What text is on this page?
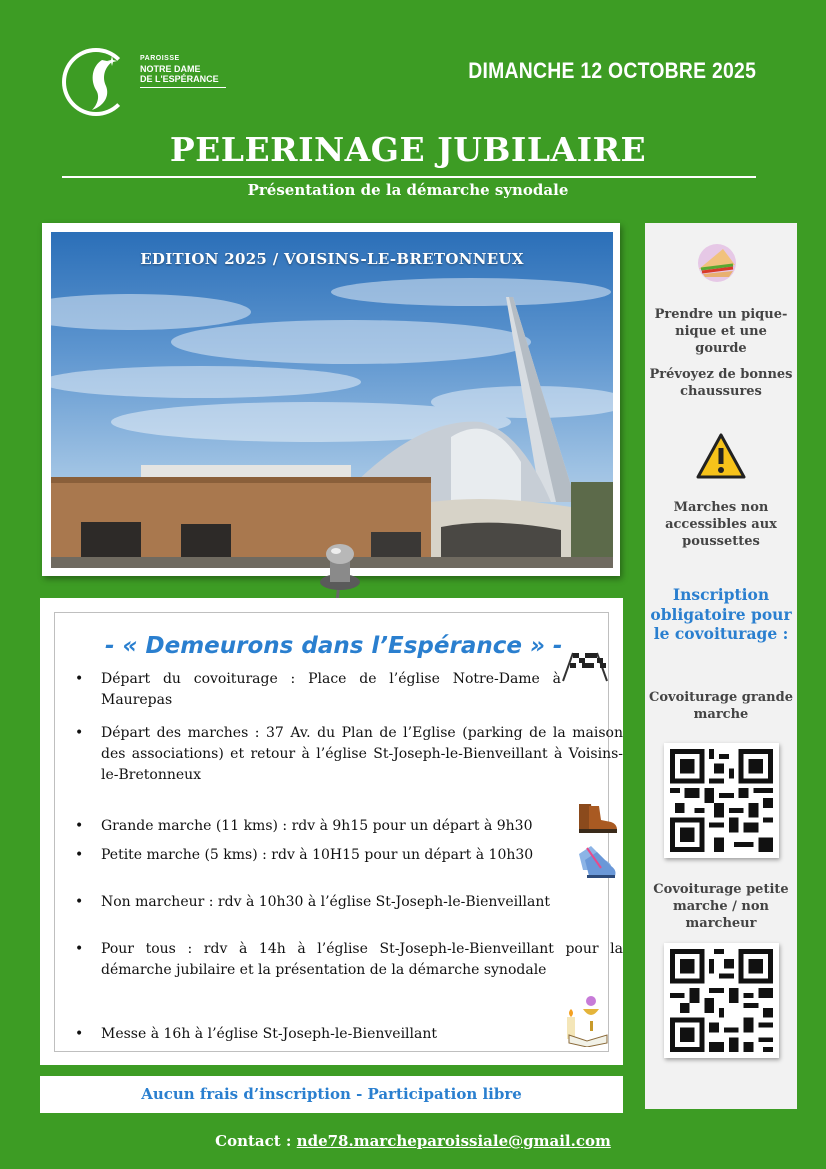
PAROISSE
NOTRE DAME
DE L'ESPÉRANCE	DIMANCHE 12 OCTOBRE 2025
PELERINAGE JUBILAIRE
Présentation de la démarche synodale
EDITION 2025 / VOISINS-LE-BRETONNEUX
- « Demeurons dans l’Espérance » -
• Départ du covoiturage : Place de l’église Notre-Dame à Maurepas
• Départ des marches : 37 Av. du Plan de l’Eglise (parking de la maison des associations) et retour à l’église St-Joseph-le-Bienveillant à Voisins-le-Bretonneux
• Grande marche (11 kms) : rdv à 9h15 pour un départ à 9h30
• Petite marche (5 kms) : rdv à 10H15 pour un départ à 10h30
• Non marcheur : rdv à 10h30 à l’église St-Joseph-le-Bienveillant
• Pour tous : rdv à 14h à l’église St-Joseph-le-Bienveillant pour la démarche jubilaire et la présentation de la démarche synodale
• Messe à 16h à l’église St-Joseph-le-Bienveillant
Aucun frais d’inscription - Participation libre
Contact : nde78.marcheparoissiale@gmail.com
Prendre un pique-nique et une gourde
Prévoyez de bonnes chaussures
Marches non accessibles aux poussettes
Inscription obligatoire pour le covoiturage :
Covoiturage grande marche
Covoiturage petite marche / non marcheur
